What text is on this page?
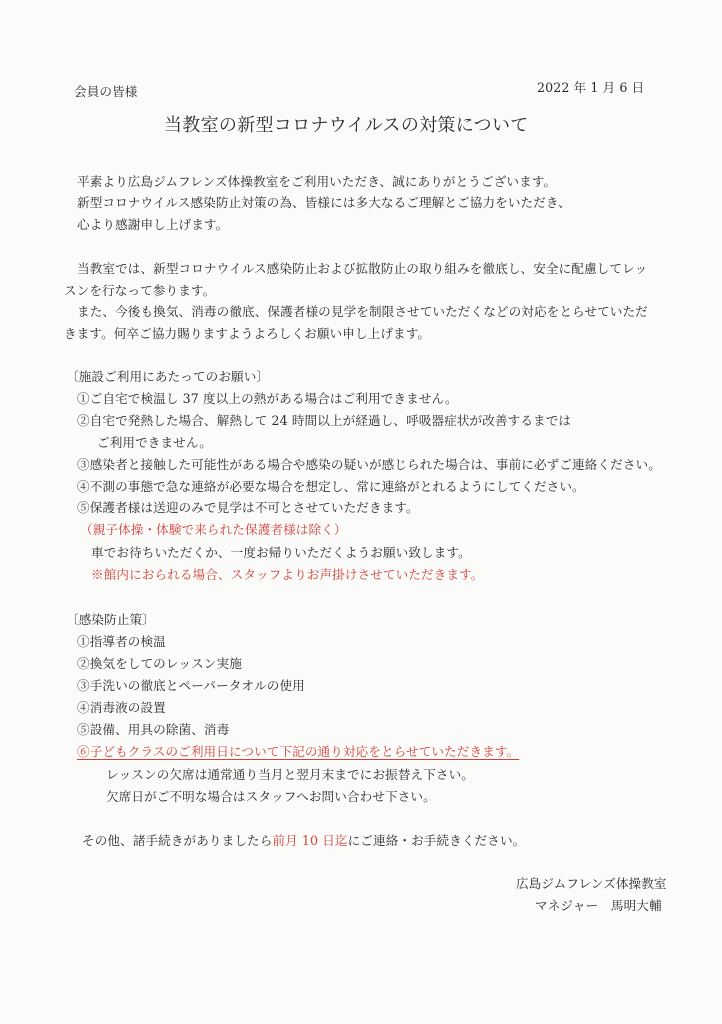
会員の皆様	2022 年 1 月 6 日
当教室の新型コロナウイルスの対策について
平素より広島ジムフレンズ体操教室をご利用いただき、誠にありがとうございます。
新型コロナウイルス感染防止対策の為、皆様には多大なるご理解とご協力をいただき、
心より感謝申し上げます。
当教室では、新型コロナウイルス感染防止および拡散防止の取り組みを徹底し、安全に配慮してレッ
スンを行なって参ります。
また、今後も換気、消毒の徹底、保護者様の見学を制限させていただくなどの対応をとらせていただ
きます。何卒ご協力賜りますようよろしくお願い申し上げます。
〔施設ご利用にあたってのお願い〕
①ご自宅で検温し 37 度以上の熱がある場合はご利用できません。
②自宅で発熱した場合、解熱して 24 時間以上が経過し、呼吸器症状が改善するまでは
ご利用できません。
③感染者と接触した可能性がある場合や感染の疑いが感じられた場合は、事前に必ずご連絡ください。
④不測の事態で急な連絡が必要な場合を想定し、常に連絡がとれるようにしてください。
⑤保護者様は送迎のみで見学は不可とさせていただきます。
（親子体操・体験で来られた保護者様は除く）
車でお待ちいただくか、一度お帰りいただくようお願い致します。
※館内におられる場合、スタッフよりお声掛けさせていただきます。
〔感染防止策〕
①指導者の検温
②換気をしてのレッスン実施
③手洗いの徹底とペーパータオルの使用
④消毒液の設置
⑤設備、用具の除菌、消毒
⑥子どもクラスのご利用日について下記の通り対応をとらせていただきます。
レッスンの欠席は通常通り当月と翌月末までにお振替え下さい。
欠席日がご不明な場合はスタッフへお問い合わせ下さい。
その他、諸手続きがありましたら前月 10 日迄にご連絡・お手続きください。
広島ジムフレンズ体操教室
マネジャー　馬明大輔
